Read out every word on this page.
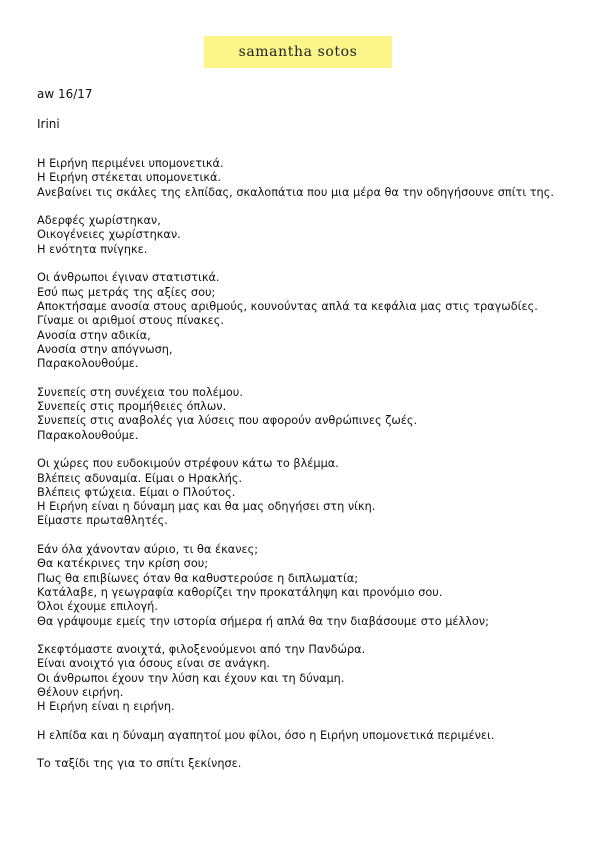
samantha sotos
aw 16/17
Irini
Η Ειρήνη περιμένει υπομονετικά.
Η Ειρήνη στέκεται υπομονετικά.
Ανεβαίνει τις σκάλες της ελπίδας, σκαλοπάτια που μια μέρα θα την οδηγήσουνε σπίτι της.
Αδερφές χωρίστηκαν,
Οικογένειες χωρίστηκαν.
Η ενότητα πνίγηκε.
Οι άνθρωποι έγιναν στατιστικά.
Εσύ πως μετράς της αξίες σου;
Αποκτήσαμε ανοσία στους αριθμούς, κουνούντας απλά τα κεφάλια μας στις τραγωδίες.
Γίναμε οι αριθμοί στους πίνακες.
Ανοσία στην αδικία,
Ανοσία στην απόγνωση,
Παρακολουθούμε.
Συνεπείς στη συνέχεια του πολέμου.
Συνεπείς στις προμήθειες όπλων.
Συνεπείς στις αναβολές για λύσεις που αφορούν ανθρώπινες ζωές.
Παρακολουθούμε.
Οι χώρες που ευδοκιμούν στρέφουν κάτω το βλέμμα.
Βλέπεις αδυναμία. Είμαι ο Ηρακλής.
Βλέπεις φτώχεια. Είμαι ο Πλούτος.
Η Ειρήνη είναι η δύναμη μας και θα μας οδηγήσει στη νίκη.
Είμαστε πρωταθλητές.
Εάν όλα χάνονταν αύριο, τι θα έκανες;
Θα κατέκρινες την κρίση σου;
Πως θα επιβίωνες όταν θα καθυστερούσε η διπλωματία;
Κατάλαβε, η γεωγραφία καθορίζει την προκατάληψη και προνόμιο σου.
Όλοι έχουμε επιλογή.
Θα γράψουμε εμείς την ιστορία σήμερα ή απλά θα την διαβάσουμε στο μέλλον;
Σκεφτόμαστε ανοιχτά, φιλοξενούμενοι από την Πανδώρα.
Είναι ανοιχτό για όσους είναι σε ανάγκη.
Οι άνθρωποι έχουν την λύση και έχουν και τη δύναμη.
Θέλουν ειρήνη.
Η Ειρήνη είναι η ειρήνη.
Η ελπίδα και η δύναμη αγαπητοί μου φίλοι, όσο η Ειρήνη υπομονετικά περιμένει.
Το ταξίδι της για το σπίτι ξεκίνησε.
